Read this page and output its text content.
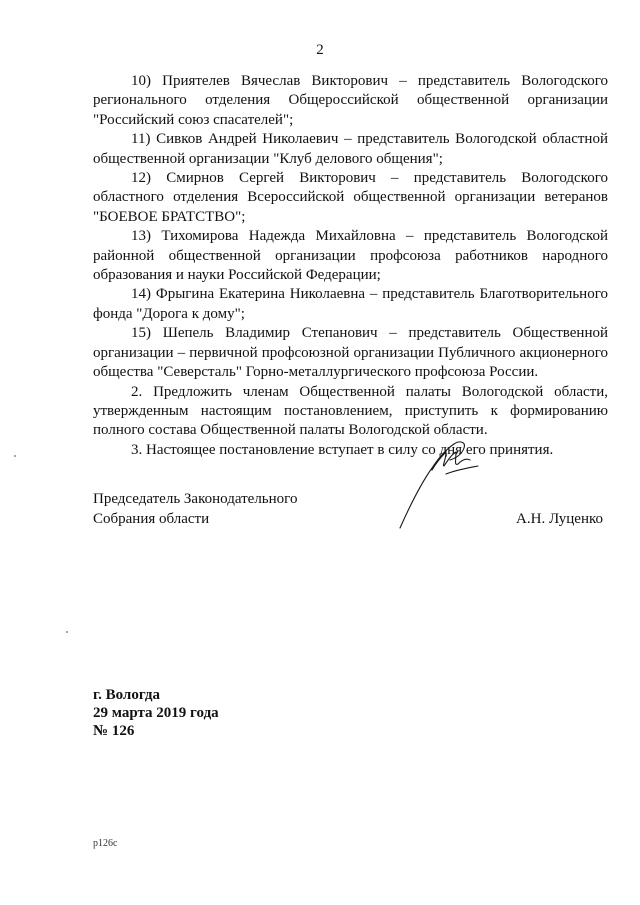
2

10) Приятелев Вячеслав Викторович – представитель Вологодского регионального отделения Общероссийской общественной организации "Российский союз спасателей";

11) Сивков Андрей Николаевич – представитель Вологодской областной общественной организации "Клуб делового общения";

12) Смирнов Сергей Викторович – представитель Вологодского областного отделения Всероссийской общественной организации ветеранов "БОЕВОЕ БРАТСТВО";

13) Тихомирова Надежда Михайловна – представитель Вологодской районной общественной организации профсоюза работников народного образования и науки Российской Федерации;

14) Фрыгина Екатерина Николаевна – представитель Благотворительного фонда "Дорога к дому";

15) Шепель Владимир Степанович – представитель Общественной организации – первичной профсоюзной организации Публичного акционерного общества "Северсталь" Горно-металлургического профсоюза России.

2. Предложить членам Общественной палаты Вологодской области, утвержденным настоящим постановлением, приступить к формированию полного состава Общественной палаты Вологодской области.

3. Настоящее постановление вступает в силу со дня его принятия.

Председатель Законодательного

Собрания области	А.Н. Луценко
г. Вологда
29 марта 2019 года
№ 126
р126с
